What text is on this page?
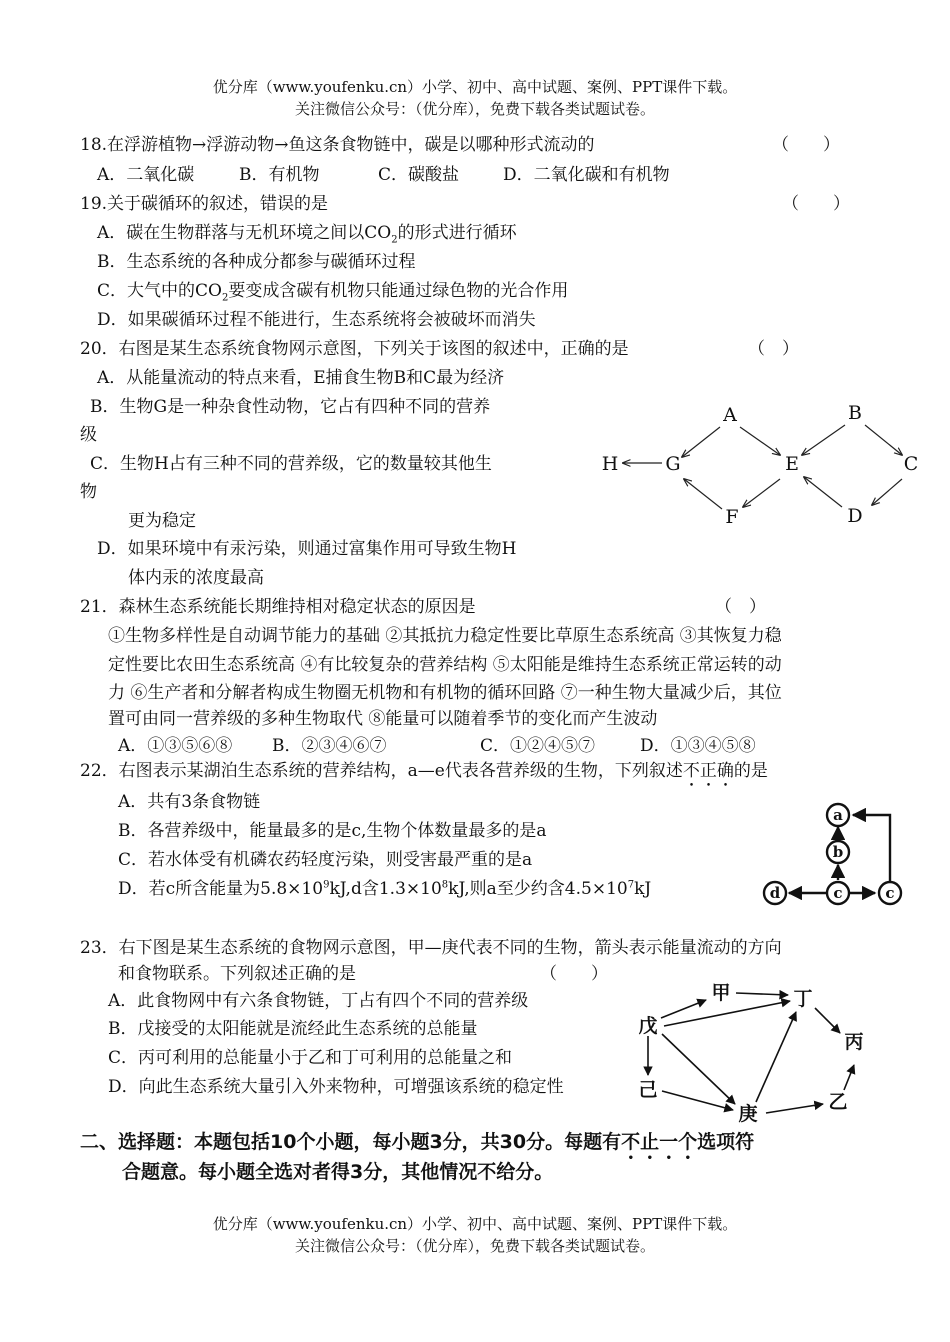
优分库（www.youfenku.cn）小学、初中、高中试题、案例、PPT课件下载。
关注微信公众号：（优分库），免费下载各类试题试卷。
18.在浮游植物→浮游动物→鱼这条食物链中，碳是以哪种形式流动的	（　　）
A．二氧化碳	B．有机物	C．碳酸盐	D．二氧化碳和有机物
19.关于碳循环的叙述，错误的是	（　　）
A．碳在生物群落与无机环境之间以$CO_2$的形式进行循环
B．生态系统的各种成分都参与碳循环过程
C．大气中的$CO_2$要变成含碳有机物只能通过绿色物的光合作用
D．如果碳循环过程不能进行，生态系统将会被破坏而消失
20．右图是某生态系统食物网示意图，下列关于该图的叙述中，正确的是	（　）
A．从能量流动的特点来看，E捕食生物B和C最为经济
B．生物G是一种杂食性动物，它占有四种不同的营养
级
C．生物H占有三种不同的营养级，它的数量较其他生
物
更为稳定
D．如果环境中有汞污染，则通过富集作用可导致生物H
体内汞的浓度最高
A	B
C
D
E
F
G
H
21．森林生态系统能长期维持相对稳定状态的原因是	（　）
①生物多样性是自动调节能力的基础 ②其抵抗力稳定性要比草原生态系统高 ③其恢复力稳
定性要比农田生态系统高 ④有比较复杂的营养结构 ⑤太阳能是维持生态系统正常运转的动
力 ⑥生产者和分解者构成生物圈无机物和有机物的循环回路 ⑦一种生物大量减少后，其位
置可由同一营养级的多种生物取代 ⑧能量可以随着季节的变化而产生波动
A．①③⑤⑥⑧ B．②③④⑥⑦	C．①②④⑤⑦	D．①③④⑤⑧
22．右图表示某湖泊生态系统的营养结构，a—e代表各营养级的生物，下列叙述不正确的是
A．共有3条食物链
B．各营养级中，能量最多的是c,生物个体数量最多的是a
C．若水体受有机磷农药轻度污染，则受害最严重的是a
D．若c所含能量为$5.8\times 10^9kJ,d$含$1.3\times 10^8kJ$,则a至少约含$4.5\times 10^7kJ$
a
b
c
d	c
23．右下图是某生态系统的食物网示意图，甲—庚代表不同的生物，箭头表示能量流动的方向
和食物联系。下列叙述正确的是	（　　）
A．此食物网中有六条食物链，丁占有四个不同的营养级
B．戊接受的太阳能就是流经此生态系统的总能量
C．丙可利用的总能量小于乙和丁可利用的总能量之和
D．向此生态系统大量引入外来物种，可增强该系统的稳定性
甲	丁
戊
丙
己
乙
庚
二、选择题：本题包括10个小题，每小题3分，共30分。每题有不止一个选项符
合题意。每小题全选对者得3分，其他情况不给分。
优分库（www.youfenku.cn）小学、初中、高中试题、案例、PPT课件下载。
关注微信公众号：（优分库），免费下载各类试题试卷。
